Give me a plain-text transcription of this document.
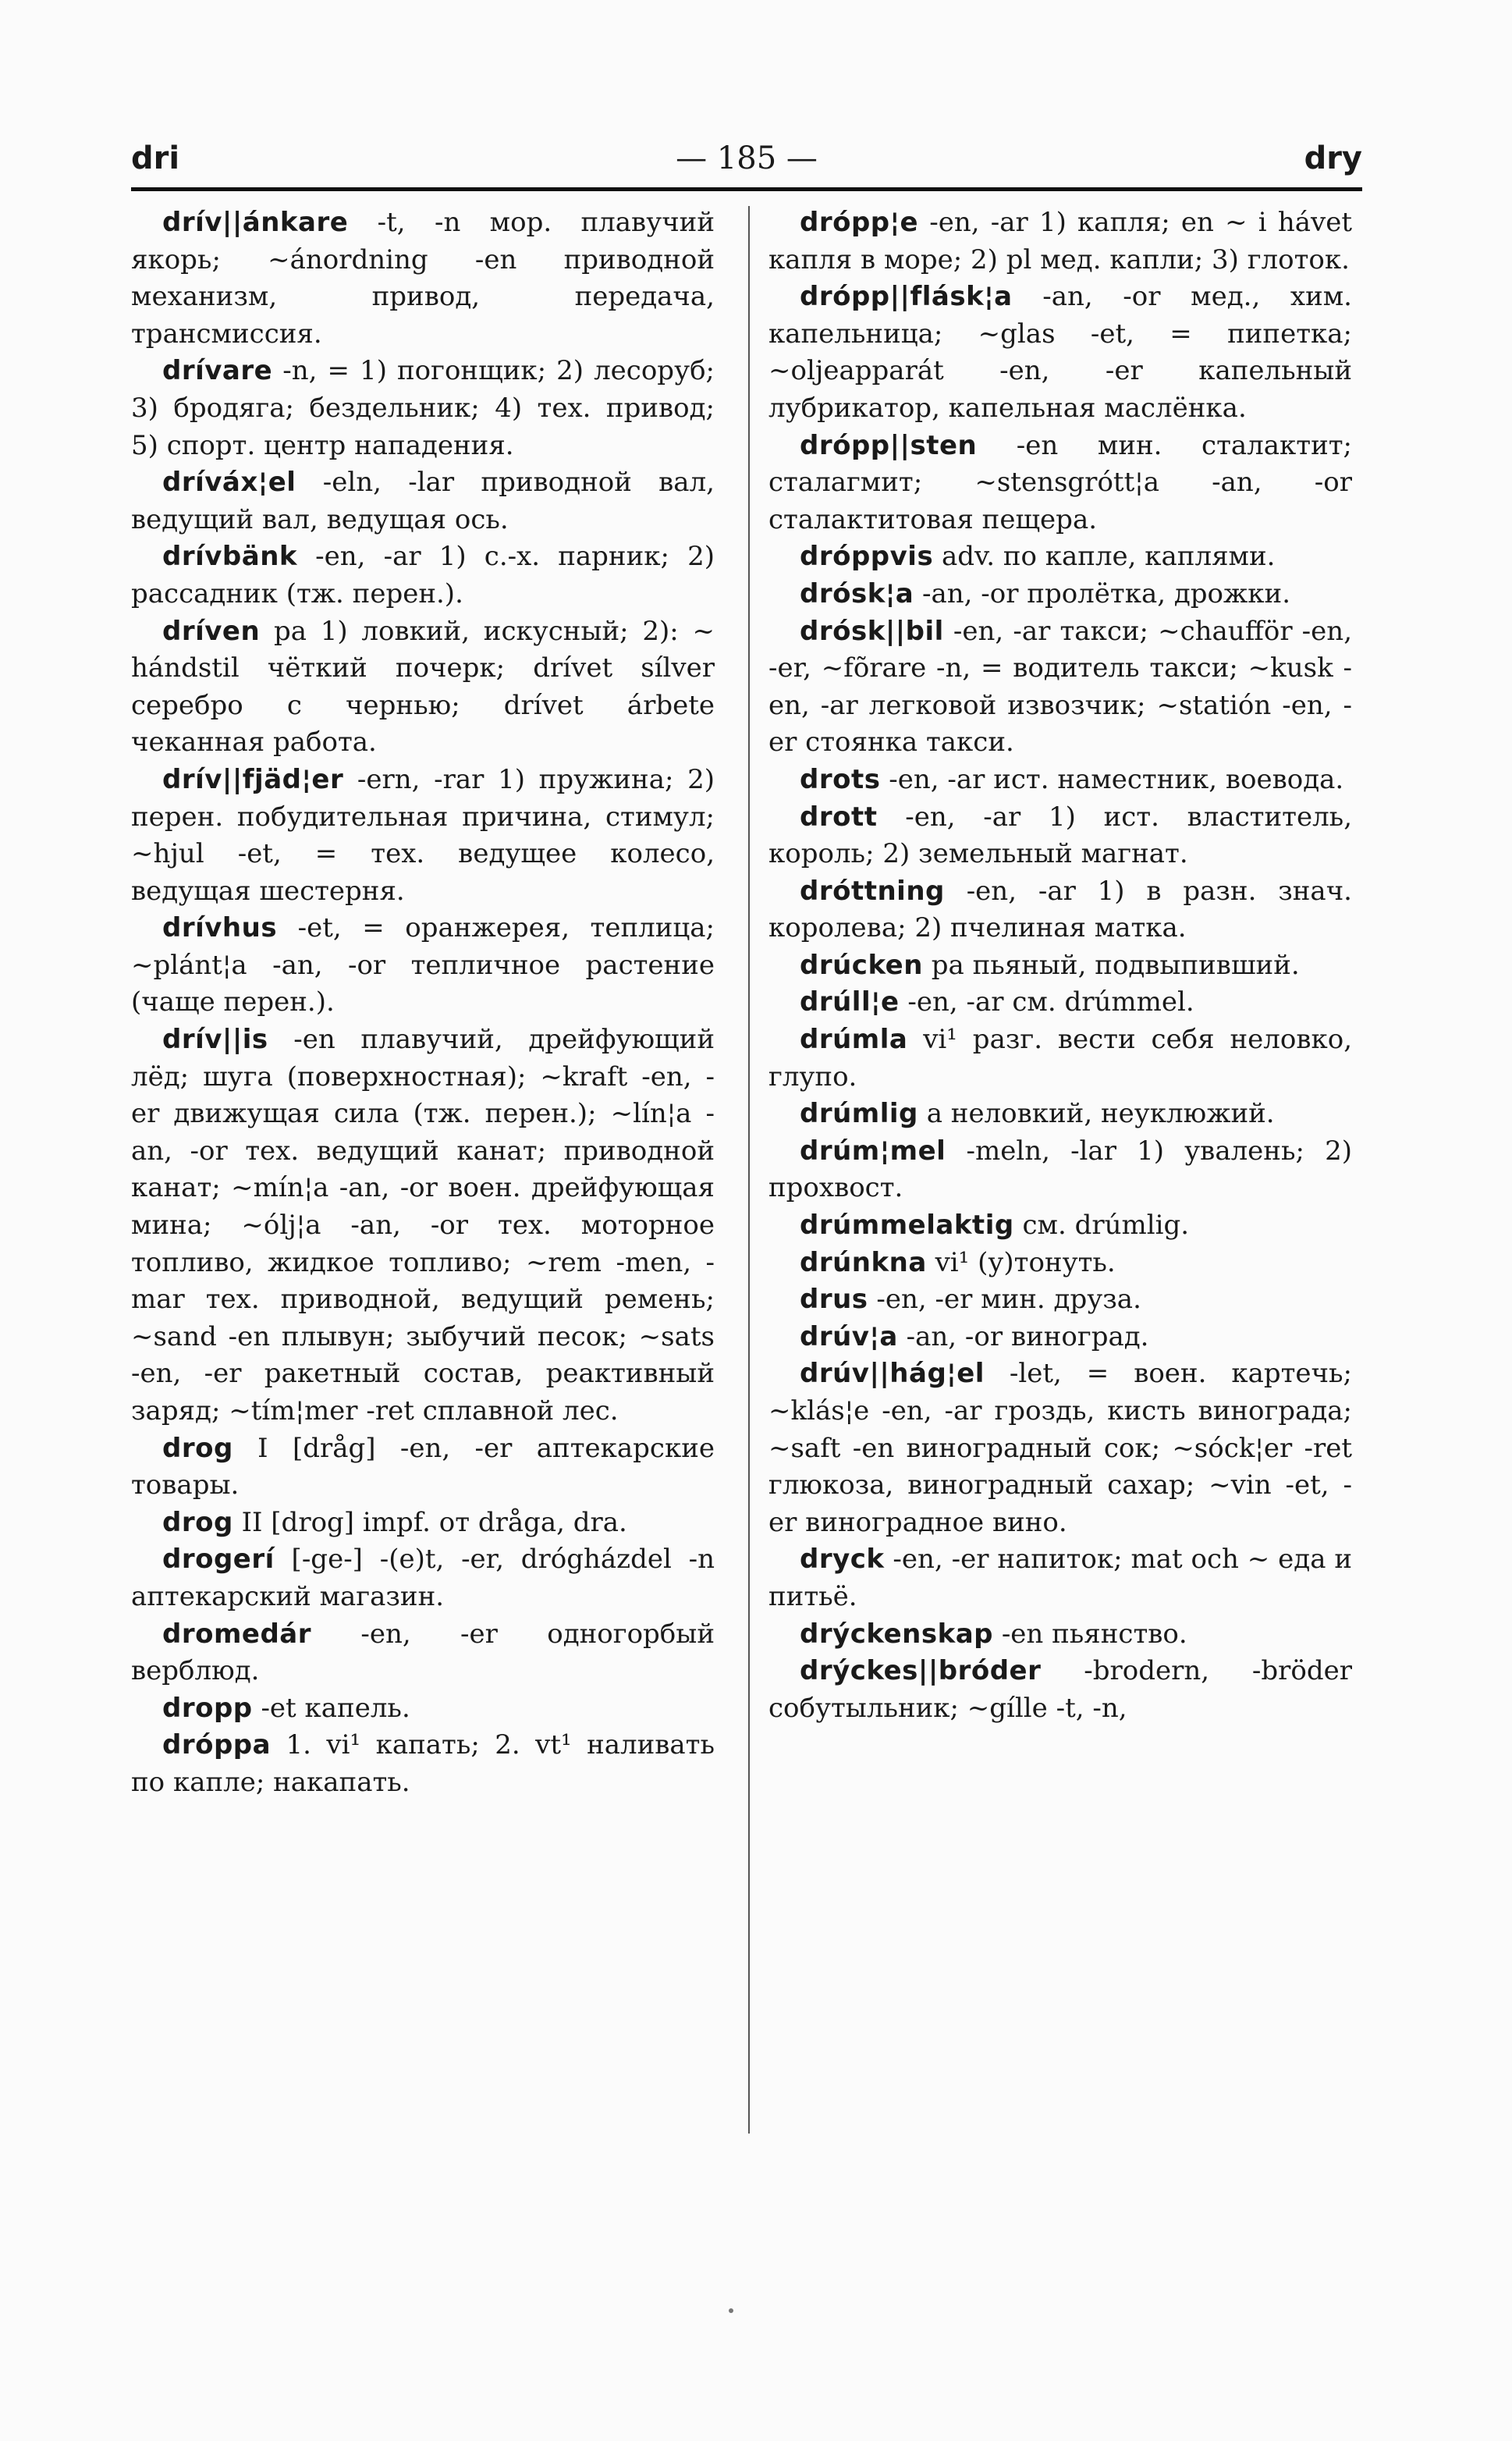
dri	— 185 —	dry

drív||ánkare -t, -n мор. плавучий якорь; ~ánordning -en приводной механизм, привод, передача, трансмиссия.

drívare -n, = 1) погонщик; 2) лесоруб; 3) бродяга; бездельник; 4) тех. привод; 5) спорт. центр нападения.

dríváx¦el -eln, -lar приводной вал, ведущий вал, ведущая ось.

drívbänk -en, -ar 1) с.-х. парник; 2) рассадник (тж. перен.).

dríven pa 1) ловкий, искусный; 2): ~ hándstil чёткий почерк; drívet sílver серебро с чернью; drívet árbete чеканная работа.

drív||fjäd¦er -ern, -rar 1) пружина; 2) перен. побудительная причина, стимул; ~hjul -et, = тех. ведущее колесо, ведущая шестерня.

drívhus -et, = оранжерея, теплица; ~plánt¦a -an, -or тепличное растение (чаще перен.).

drív||is -en плавучий, дрейфующий лёд; шуга (поверхностная); ~kraft -en, -er движущая сила (тж. перен.); ~lín¦a -an, -or тех. ведущий канат; приводной канат; ~mín¦a -an, -or воен. дрейфующая мина; ~ólj¦a -an, -or тех. моторное топливо, жидкое топливо; ~rem -men, -mar тех. приводной, ведущий ремень; ~sand -en плывун; зыбучий песок; ~sats -en, -er ракетный состав, реактивный заряд; ~tím¦mer -ret сплавной лес.

drog I [dråg] -en, -er аптекарские товары.

drog II [drog] impf. от dråga, dra.

drogerí [-ge-] -(e)t, -er, drógházdel -n аптекарский магазин.

dromedár -en, -er одногорбый верблюд.

dropp -et капель.

dróppa 1. vi¹ капать; 2. vt¹ наливать по капле; накапать.

drópp¦e -en, -ar 1) капля; en ~ i hávet капля в море; 2) pl мед. капли; 3) глоток.

drópp||flásk¦a -an, -or мед., хим. капельница; ~glas -et, = пипетка; ~oljeapparát -en, -er капельный лубрикатор, капельная маслёнка.

drópp||sten -en мин. сталактит; сталагмит; ~stensgrótt¦a -an, -or сталактитовая пещера.

dróppvis adv. по капле, каплями.

drósk¦a -an, -or пролётка, дрожки.

drósk||bil -en, -ar такси; ~chaufför -en, -er, ~fõrare -n, = водитель такси; ~kusk -en, -ar легковой извозчик; ~statión -en, -er стоянка такси.

drots -en, -ar ист. наместник, воевода.

drott -en, -ar 1) ист. властитель, король; 2) земельный магнат.

dróttning -en, -ar 1) в разн. знач. королева; 2) пчелиная матка.

drúcken pa пьяный, подвыпивший.

drúll¦e -en, -ar см. drúmmel.

drúmla vi¹ разг. вести себя неловко, глупо.

drúmlig a неловкий, неуклюжий.

drúm¦mel -meln, -lar 1) увалень; 2) прохвост.

drúmmelaktig см. drúmlig.

drúnkna vi¹ (у)тонуть.

drus -en, -er мин. друза.

drúv¦a -an, -or виноград.

drúv||hág¦el -let, = воен. картечь; ~klás¦e -en, -ar гроздь, кисть винограда; ~saft -en виноградный сок; ~sóck¦er -ret глюкоза, виноградный сахар; ~vin -et, -er виноградное вино.

dryck -en, -er напиток; mat och ~ еда и питьё.

drýckenskap -en пьянство.

drýckes||bróder -brodern, -bröder собутыльник; ~gílle -t, -n,
